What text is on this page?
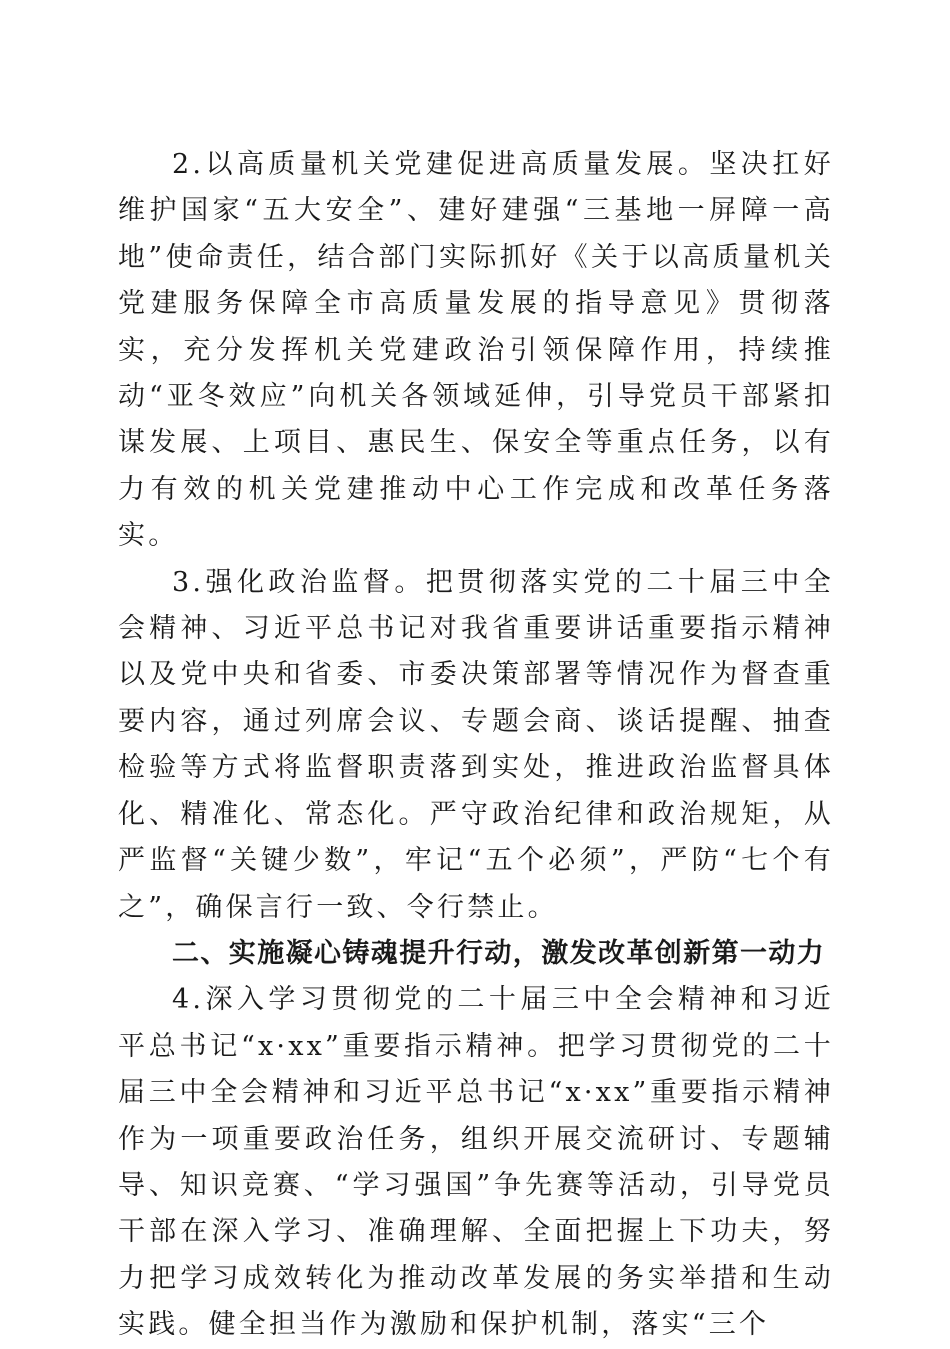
2.以高质量机关党建促进高质量发展。坚决扛好维护国家“五大安全”、建好建强“三基地一屏障一高地”使命责任，结合部门实际抓好《关于以高质量机关党建服务保障全市高质量发展的指导意见》贯彻落实，充分发挥机关党建政治引领保障作用，持续推动“亚冬效应”向机关各领域延伸，引导党员干部紧扣谋发展、上项目、惠民生、保安全等重点任务，以有力有效的机关党建推动中心工作完成和改革任务落实。

3.强化政治监督。把贯彻落实党的二十届三中全会精神、习近平总书记对我省重要讲话重要指示精神以及党中央和省委、市委决策部署等情况作为督查重要内容，通过列席会议、专题会商、谈话提醒、抽查检验等方式将监督职责落到实处，推进政治监督具体化、精准化、常态化。严守政治纪律和政治规矩，从严监督“关键少数”，牢记“五个必须”，严防“七个有之”，确保言行一致、令行禁止。

二、实施凝心铸魂提升行动，激发改革创新第一动力

4.深入学习贯彻党的二十届三中全会精神和习近平总书记“x·xx”重要指示精神。把学习贯彻党的二十届三中全会精神和习近平总书记“x·xx”重要指示精神作为一项重要政治任务，组织开展交流研讨、专题辅导、知识竞赛、“学习强国”争先赛等活动，引导党员干部在深入学习、准确理解、全面把握上下功夫，努力把学习成效转化为推动改革发展的务实举措和生动实践。健全担当作为激励和保护机制，落实“三个
